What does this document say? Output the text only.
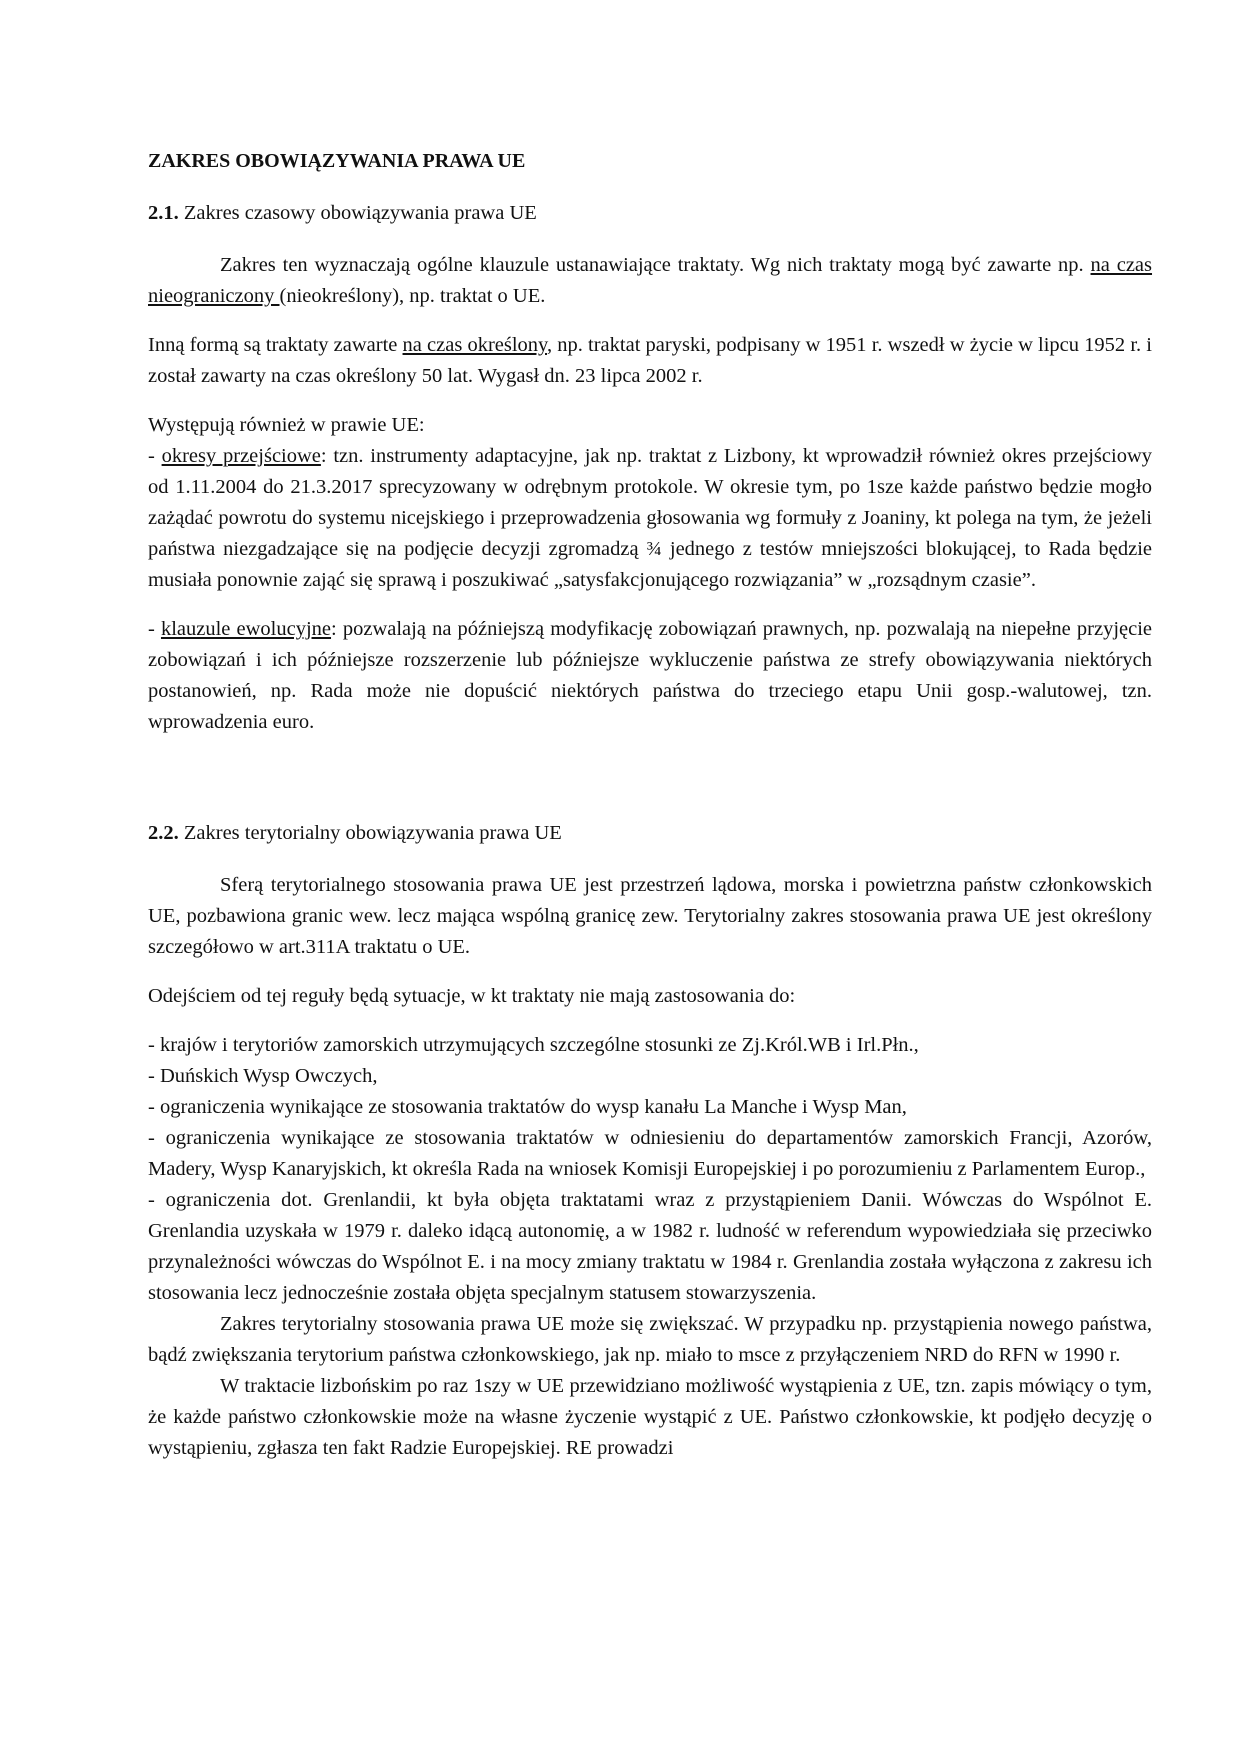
ZAKRES OBOWIĄZYWANIA PRAWA UE
2.1. Zakres czasowy obowiązywania prawa UE

Zakres ten wyznaczają ogólne klauzule ustanawiające traktaty. Wg nich traktaty mogą być zawarte np. na czas nieograniczony (nieokreślony), np. traktat o UE.

Inną formą są traktaty zawarte na czas określony, np. traktat paryski, podpisany w 1951 r. wszedł w życie w lipcu 1952 r. i został zawarty na czas określony 50 lat. Wygasł dn. 23 lipca 2002 r.

Występują również w prawie UE:
- okresy przejściowe: tzn. instrumenty adaptacyjne, jak np. traktat z Lizbony, kt wprowadził również okres przejściowy od 1.11.2004 do 21.3.2017 sprecyzowany w odrębnym protokole. W okresie tym, po 1sze każde państwo będzie mogło zażądać powrotu do systemu nicejskiego i przeprowadzenia głosowania wg formuły z Joaniny, kt polega na tym, że jeżeli państwa niezgadzające się na podjęcie decyzji zgromadzą ¾ jednego z testów mniejszości blokującej, to Rada będzie musiała ponownie zająć się sprawą i poszukiwać „satysfakcjonującego rozwiązania” w „rozsądnym czasie”.

- klauzule ewolucyjne: pozwalają na późniejszą modyfikację zobowiązań prawnych, np. pozwalają na niepełne przyjęcie zobowiązań i ich późniejsze rozszerzenie lub późniejsze wykluczenie państwa ze strefy obowiązywania niektórych postanowień, np. Rada może nie dopuścić niektórych państwa do trzeciego etapu Unii gosp.-walutowej, tzn. wprowadzenia euro.

2.2. Zakres terytorialny obowiązywania prawa UE

Sferą terytorialnego stosowania prawa UE jest przestrzeń lądowa, morska i powietrzna państw członkowskich UE, pozbawiona granic wew. lecz mająca wspólną granicę zew. Terytorialny zakres stosowania prawa UE jest określony szczegółowo w art.311A traktatu o UE.

Odejściem od tej reguły będą sytuacje, w kt traktaty nie mają zastosowania do:

- krajów i terytoriów zamorskich utrzymujących szczególne stosunki ze Zj.Król.WB i Irl.Płn.,

- Duńskich Wysp Owczych,

- ograniczenia wynikające ze stosowania traktatów do wysp kanału La Manche i Wysp Man,

- ograniczenia wynikające ze stosowania traktatów w odniesieniu do departamentów zamorskich Francji, Azorów, Madery, Wysp Kanaryjskich, kt określa Rada na wniosek Komisji Europejskiej i po porozumieniu z Parlamentem Europ.,

- ograniczenia dot. Grenlandii, kt była objęta traktatami wraz z przystąpieniem Danii. Wówczas do Wspólnot E. Grenlandia uzyskała w 1979 r. daleko idącą autonomię, a w 1982 r. ludność w referendum wypowiedziała się przeciwko przynależności wówczas do Wspólnot E. i na mocy zmiany traktatu w 1984 r. Grenlandia została wyłączona z zakresu ich stosowania lecz jednocześnie została objęta specjalnym statusem stowarzyszenia.

Zakres terytorialny stosowania prawa UE może się zwiększać. W przypadku np. przystąpienia nowego państwa, bądź zwiększania terytorium państwa członkowskiego, jak np. miało to msce z przyłączeniem NRD do RFN w 1990 r.

W traktacie lizbońskim po raz 1szy w UE przewidziano możliwość wystąpienia z UE, tzn. zapis mówiący o tym, że każde państwo członkowskie może na własne życzenie wystąpić z UE. Państwo członkowskie, kt podjęło decyzję o wystąpieniu, zgłasza ten fakt Radzie Europejskiej. RE prowadzi
